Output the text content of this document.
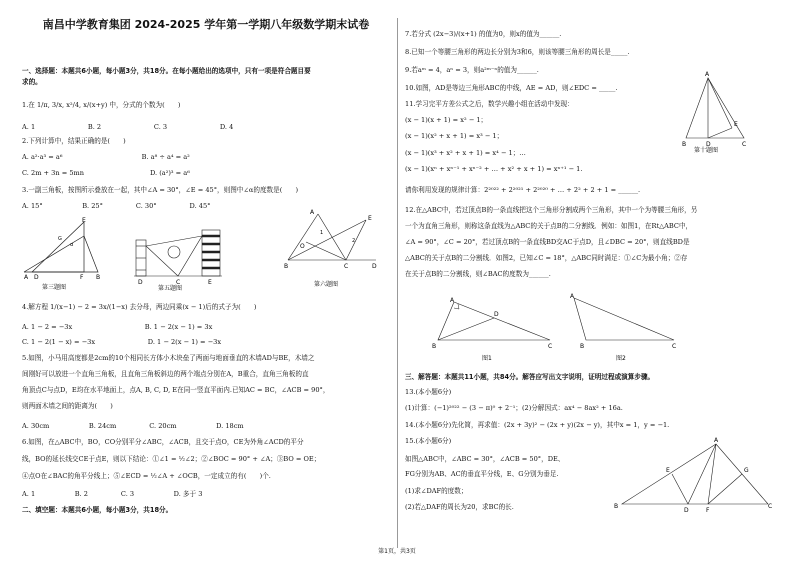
南昌中学教育集团 2024-2025 学年第一学期八年级数学期末试卷
一、选择题：本题共6小题，每小题3分，共18分。在每小题给出的选项中，只有一项是符合题目要
求的。
1.在 1/π, 3/x, x²/4, x/(x+y) 中，分式的个数为(　　)
A. 1　　　　　　　　B. 2　　　　　　　　C. 3　　　　　　　　D. 4
2.下列计算中，结果正确的是(　　)
A. a²·a³ = a⁶　　　　　　　　　　　　B. a⁸ ÷ a⁴ = a²
C. 2m + 3n = 5mn　　　　　　　　　　D. (a²)³ = a⁶
3.一副三角板，按图所示叠放在一起，其中∠A = 30°，∠E = 45°，则图中∠α的度数是(　　)
A. 15°　　　　　　B. 25°　　　　　C. 30°　　　　　D. 45°
4.解方程 1/(x−1) − 2 = 3x/(1−x) 去分母，两边同乘(x − 1)后的式子为(　　)
A. 1 − 2 = −3x　　　　　　　　　　　B. 1 − 2(x − 1) = 3x
C. 1 − 2(1 − x) = −3x　　　　　　　　D. 1 − 2(x − 1) = −3x
5.如图，小马用高度都是2cm的10个相同长方体小木块垒了两面与地面垂直的木墙AD与BE，木墙之
间刚好可以放进一个直角三角板，且直角三角板斜边的两个端点分别在A，B重合，直角三角板的直
角顶点C与点D，E均在水平地面上，点A, B, C, D, E在同一竖直平面内.已知AC = BC，∠ACB = 90°，
则两面木墙之间的距离为(　　)
A. 30cm　　　　　　B. 24cm　　　　　C. 20cm　　　　　　D. 18cm
6.如图，在△ABC中，BO，CO分别平分∠ABC，∠ACB，且交于点O，CE为外角∠ACD的平分
线，BO的延长线交CE于点E，则以下结论：①∠1 = ½∠2；②∠BOC = 90° + ∠A；③BO = OE；
④点O在∠BAC的角平分线上；⑤∠ECD = ½∠A + ∠OCB，一定成立的有(　　)个.
A. 1　　　　　　B. 2　　　　　C. 3　　　　　　D. 多于 3
二、填空题：本题共6小题，每小题3分，共18分。
7.若分式 (2x−3)/(x+1) 的值为0，则x的值为______.
8.已知一个等腰三角形的两边长分别为3和6，则该等腰三角形的周长是_____.
9.若aᵐ = 4，aⁿ = 3，则a²ᵐ⁻ⁿ的值为______.
10.如图，AD是等边三角形ABC的中线，AE = AD，则∠EDC = _____.
11.学习完平方差公式之后，数学兴趣小组在活动中发现：
(x − 1)(x + 1) = x² − 1；
(x − 1)(x² + x + 1) = x³ − 1；
(x − 1)(x³ + x² + x + 1) = x⁴ − 1；…
(x − 1)(xⁿ + xⁿ⁻¹ + xⁿ⁻² + … + x² + x + 1) = xⁿ⁺¹ − 1.
请你利用发现的规律计算：2²⁰²² + 2²⁰²¹ + 2²⁰²⁰ + … + 2² + 2 + 1 = ______.
12.在△ABC中，若过顶点B的一条直线把这个三角形分割成两个三角形，其中一个为等腰三角形，另
一个为直角三角形，则称这条直线为△ABC的关于点B的二分割线．例如：如图1，在Rt△ABC中，
∠A = 90°，∠C = 20°，若过顶点B的一条直线BD交AC于点D，且∠DBC = 20°，则直线BD是
△ABC的关于点B的二分割线．如图2，已知∠C = 18°，△ABC同时满足：①∠C为最小角；②存
在关于点B的二分割线，则∠BAC的度数为______.
三、解答题：本题共11小题，共84分。解答应写出文字说明，证明过程或演算步骤。
13.(本小题6分)
(1)计算：(−1)²⁰²² − (3 − π)⁰ + 2⁻¹；(2)分解因式：ax⁴ − 8ax² + 16a.
14.(本小题6分)先化简，再求值：(2x + 3y)² − (2x + y)(2x − y)，其中x = 1，y = −1.
15.(本小题6分)
如图△ABC中，∠ABC = 30°，∠ACB = 50°，DE、
FG分别为AB、AC的垂直平分线，E、G分别为垂足.
(1)求∠DAF的度数；
(2)若△DAF的周长为20，求BC的长.
E
G
α
A D	F B
第三题图
D	C	E
第五题图
A
E
O
1
2
B	C	D
第六题图
A
E
B	D	C
第十题图
A
D
B	C
图1
A
B	C
图2
A
E	G
B
D	F
C
第1页，共3页
